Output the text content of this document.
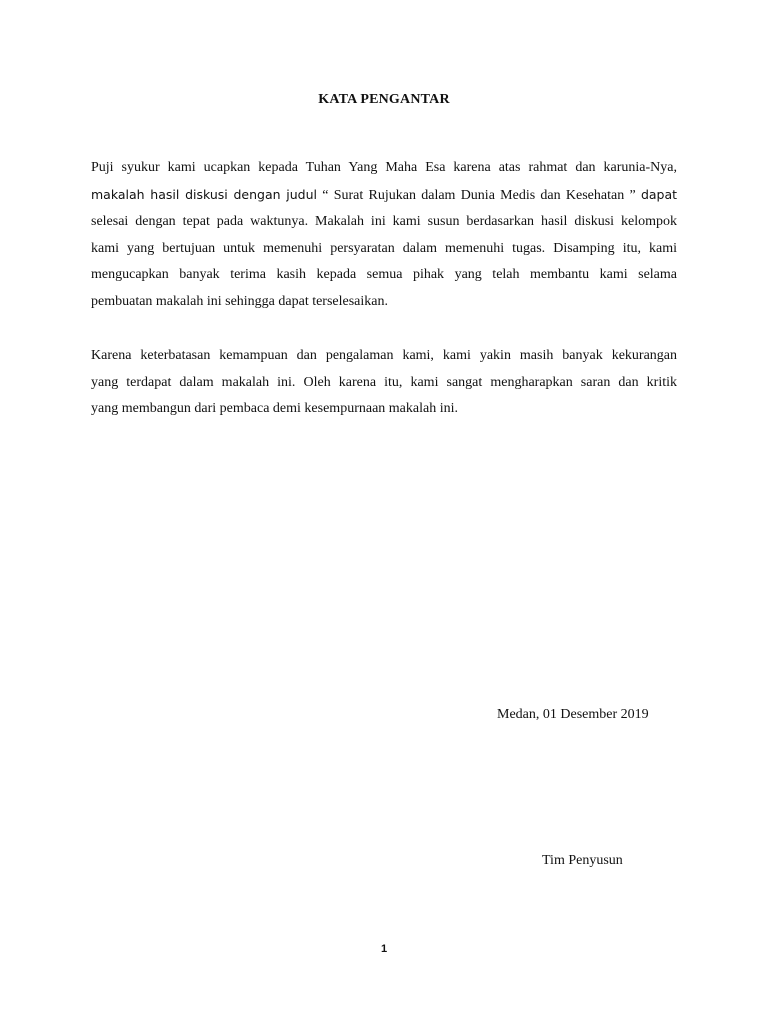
KATA PENGANTAR
Puji syukur kami ucapkan kepada Tuhan Yang Maha Esa karena atas rahmat dan karunia-Nya,
makalah hasil diskusi dengan judul “ Surat Rujukan dalam Dunia Medis dan Kesehatan ” dapat
selesai dengan tepat pada waktunya. Makalah ini kami susun berdasarkan hasil diskusi kelompok
kami yang bertujuan untuk memenuhi persyaratan dalam memenuhi tugas. Disamping itu, kami
mengucapkan banyak terima kasih kepada semua pihak yang telah membantu kami selama
pembuatan makalah ini sehingga dapat terselesaikan.
Karena keterbatasan kemampuan dan pengalaman kami, kami yakin masih banyak kekurangan
yang terdapat dalam makalah ini. Oleh karena itu, kami sangat mengharapkan saran dan kritik
yang membangun dari pembaca demi kesempurnaan makalah ini.
Medan, 01 Desember 2019
Tim Penyusun
1
